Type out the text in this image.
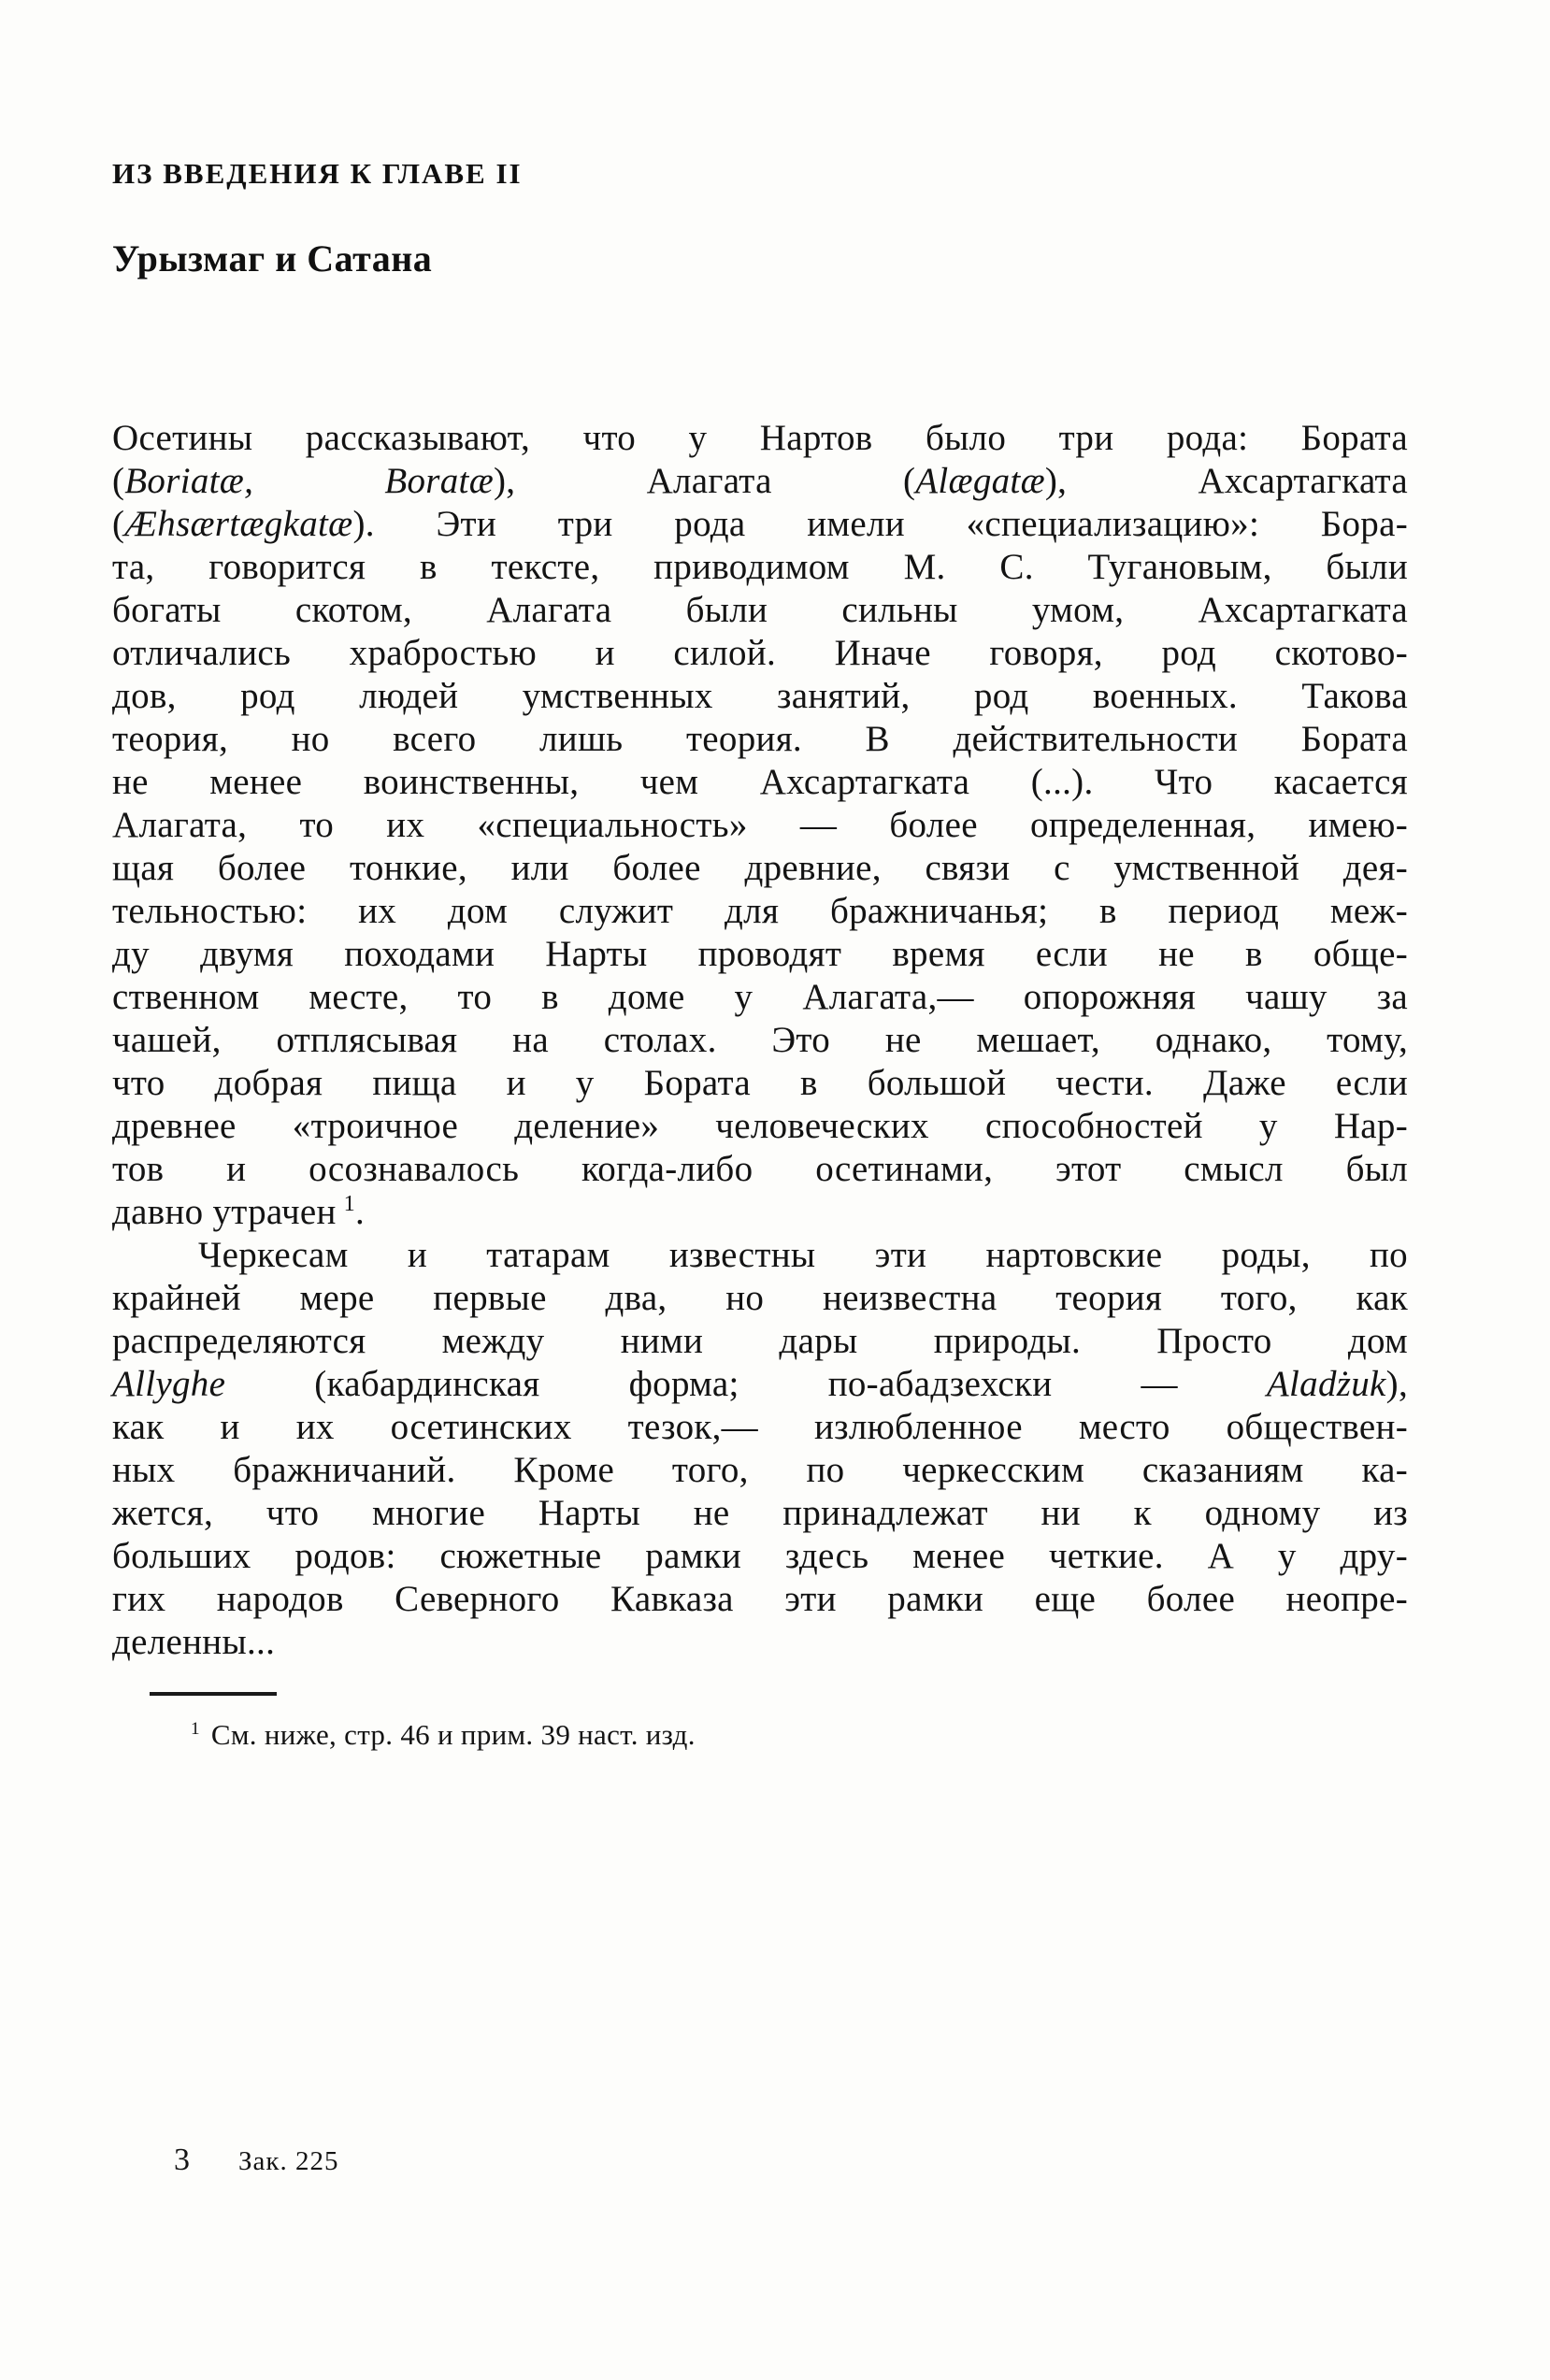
ИЗ ВВЕДЕНИЯ К ГЛАВЕ II
Урызмаг и Сатана

Осетины рассказывают, что у Нартов было три рода: Бората
(Boriatæ, Boratæ), Алагата (Alægatæ), Ахсартагката
(Æhsærtægkatæ). Эти три рода имели «специализацию»: Бора-
та, говорится в тексте, приводимом М. С. Тугановым, были
богаты скотом, Алагата были сильны умом, Ахсартагката
отличались храбростью и силой. Иначе говоря, род скотово-
дов, род людей умственных занятий, род военных. Такова
теория, но всего лишь теория. В действительности Бората
не менее воинственны, чем Ахсартагката (...). Что касается
Алагата, то их «специальность» — более определенная, имею-
щая более тонкие, или более древние, связи с умственной дея-
тельностью: их дом служит для бражничанья; в период меж-
ду двумя походами Нарты проводят время если не в обще-
ственном месте, то в доме у Алагата,— опорожняя чашу за
чашей, отплясывая на столах. Это не мешает, однако, тому,
что добрая пища и у Бората в большой чести. Даже если
древнее «троичное деление» человеческих способностей у Нар-
тов и осознавалось когда-либо осетинами, этот смысл был
давно утрачен $^1$.

Черкесам и татарам известны эти нартовские роды, по
крайней мере первые два, но неизвестна теория того, как
распределяются между ними дары природы. Просто дом
Allyghe (кабардинская форма; по-абадзехски — Aladżuk),
как и их осетинских тезок,— излюбленное место обществен-
ных бражничаний. Кроме того, по черкесским сказаниям ка-
жется, что многие Нарты не принадлежат ни к одному из
больших родов: сюжетные рамки здесь менее четкие. А у дру-
гих народов Северного Кавказа эти рамки еще более неопре-
деленны...

$^1$ См. ниже, стр. 46 и прим. 39 наст. изд.

3 Зак. 225
